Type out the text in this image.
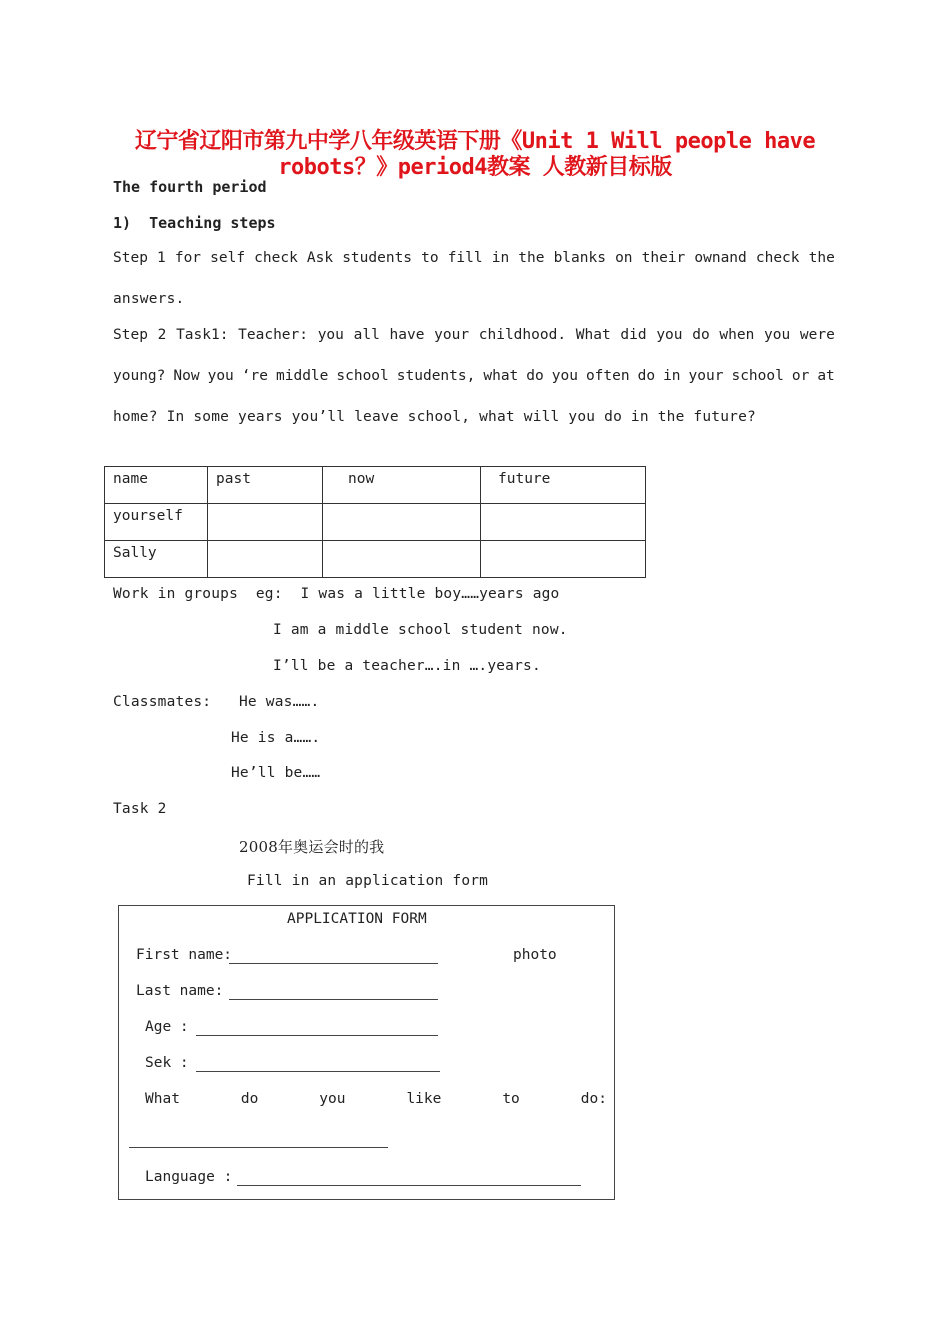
辽宁省辽阳市第九中学八年级英语下册《Unit 1 Will people have
robots？》period4教案 人教新目标版
The fourth period
1)  Teaching steps
Step 1 for self check Ask students to fill in the blanks on their ownand check the
answers.
Step 2 Task1: Teacher: you all have your childhood. What did you do when you were
young? Now you ‘re middle school students, what do you often do in your school or at
home? In some years you’ll leave school, what will you do in the future?
name	past	now	future
yourself			
Sally			
Work in groups  eg:  I was a little boy……years ago
I am a middle school student now.
I’ll be a teacher….in ….years.
Classmates: He was…….
He is a…….
He’ll be……
Task 2
2008年奥运会时的我
Fill in an application form
APPLICATION FORM
First name:	photo
Last name:
Age :
Sek :
What	do	you	like	to	do:
Language :
